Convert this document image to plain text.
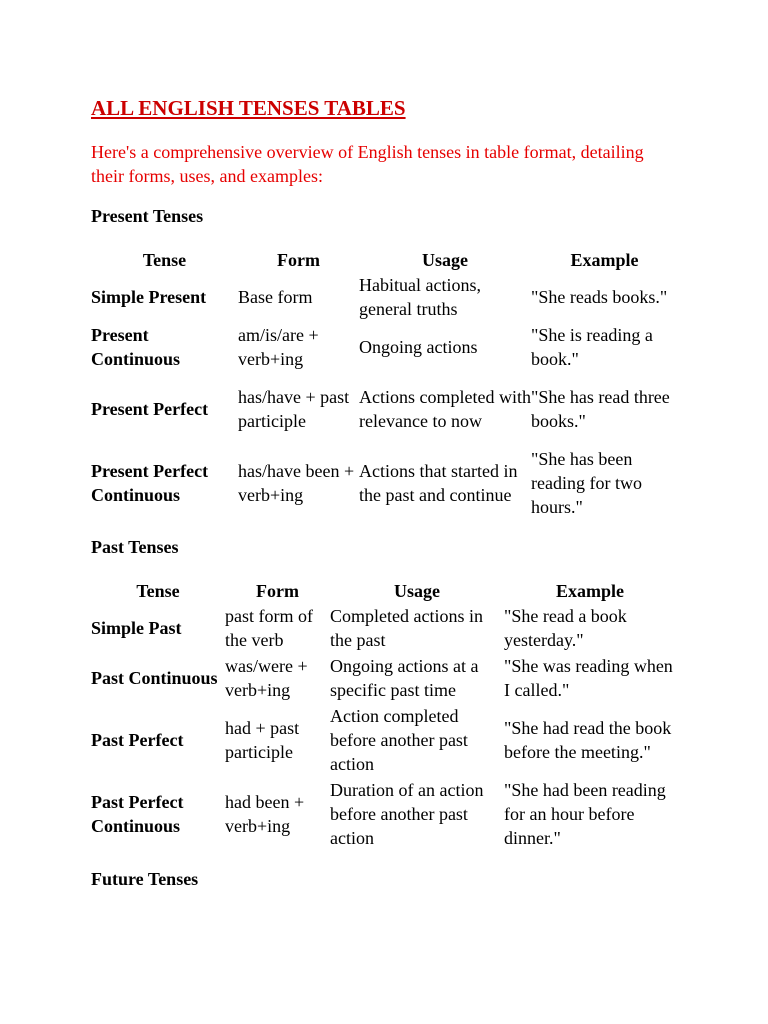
ALL ENGLISH TENSES TABLES

Here's a comprehensive overview of English tenses in table format, detailing their forms, uses, and examples:

Present Tenses
Tense	Form	Usage	Example
Simple Present	Base form	Habitual actions, general truths	"She reads books."
Present Continuous	am/is/are + verb+ing	Ongoing actions	"She is reading a book."
Present Perfect	has/have + past participle	Actions completed with relevance to now	"She has read three books."
Present Perfect Continuous	has/have been + verb+ing	Actions that started in the past and continue	"She has been reading for two hours."
Past Tenses
Tense	Form	Usage	Example
Simple Past	past form of the verb	Completed actions in the past	"She read a book yesterday."
Past Continuous	was/were + verb+ing	Ongoing actions at a specific past time	"She was reading when I called."
Past Perfect	had + past participle	Action completed before another past action	"She had read the book before the meeting."
Past Perfect Continuous	had been + verb+ing	Duration of an action before another past action	"She had been reading for an hour before dinner."
Future Tenses
